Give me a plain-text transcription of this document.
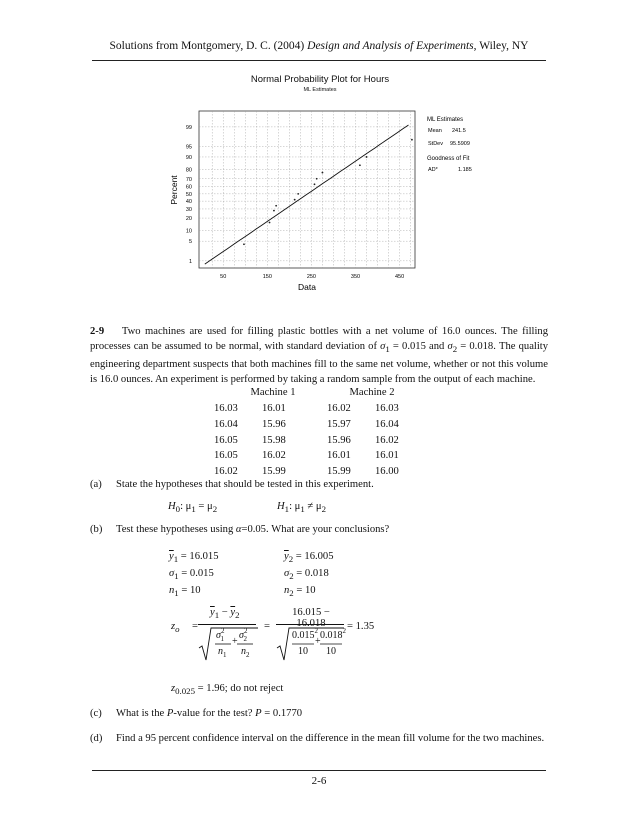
Solutions from Montgomery, D. C. (2004) Design and Analysis of Experiments, Wiley, NY
Normal Probability Plot for Hours
ML Estimates
1
5
10
20
30
40
50
60
70
80
90
95
99
50	150	250	350	450
Data
Percent
ML Estimates
Mean 241.5
StDev 95.5909
Goodness of Fit
AD*	1.185
2-9 Two machines are used for filling plastic bottles with a net volume of 16.0 ounces. The filling processes can be assumed to be normal, with standard deviation of $\sigma_1 = 0.015$ and $\sigma_2 = 0.018$. The quality engineering department suspects that both machines fill to the same net volume, whether or not this volume is 16.0 ounces. An experiment is performed by taking a random sample from the output of each machine.
Machine 1	Machine 2
16.03 16.01	16.02 16.03
16.04 15.96	15.97 16.04
16.05 15.98	15.96 16.02
16.05 16.02	16.01 16.01
16.02 15.99	15.99 16.00
(a) State the hypotheses that should be tested in this experiment.
$H_0$: $\mu_1 = \mu_2$	$H_1$: $\mu_1 \ne \mu_2$
(b) Test these hypotheses using α=0.05. What are your conclusions?
$\overline{y}_1 = 16.015$	$\overline{y}_2 = 16.005$
$\sigma_1 = 0.015$	$\sigma_2 = 0.018$
$n_1 = 10$	$n_2 = 10$
$z_o$ =
$\overline{y}_1 - \overline{y}_2$
$\sigma^2_1$ +
$\sigma^2_2$
$n_1$ $n_2$
=
16.015 −
$0.015^2$
+
$0.018^2$
10 10
= 1.35
$z_{0.025} = 1.96$; do not reject
(c) What is the P-value for the test? P = 0.1770
(d) Find a 95 percent confidence interval on the difference in the mean fill volume for the two machines.
2-6
